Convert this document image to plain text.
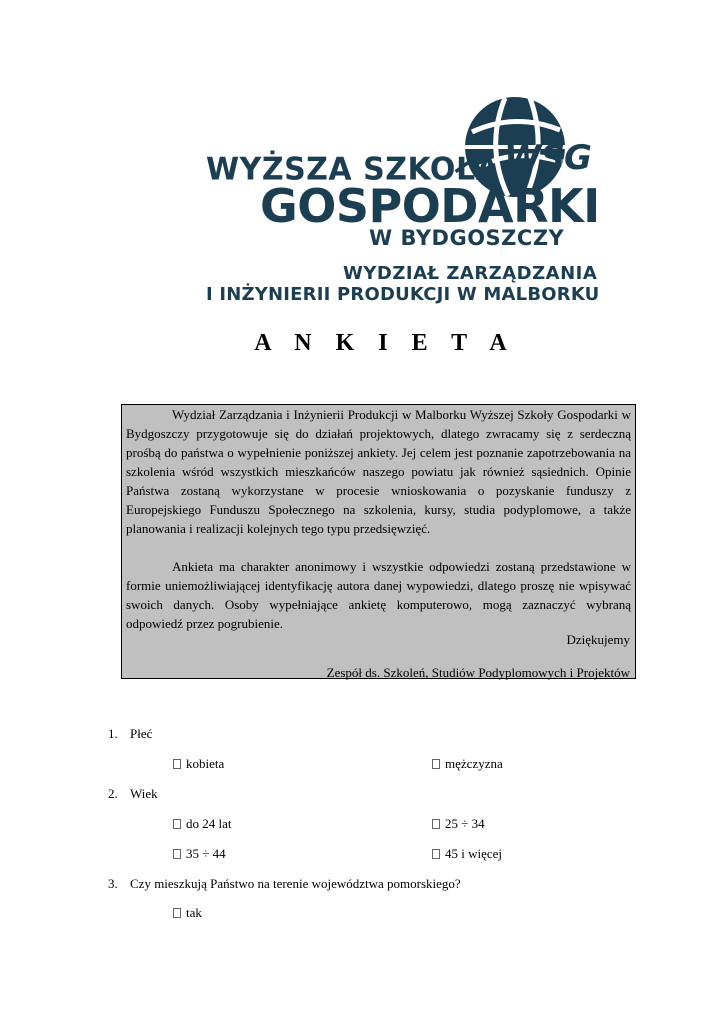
WSG
WYŻSZA SZKOŁA
GOSPODARKI
W BYDGOSZCZY
WYDZIAŁ ZARZĄDZANIA
I INŻYNIERII PRODUKCJI W MALBORKU
A N K I E T A

Wydział Zarządzania i Inżynierii Produkcji w Malborku Wyższej Szkoły Gospodarki w Bydgoszczy przygotowuje się do działań projektowych, dlatego zwracamy się z serdeczną prośbą do państwa o wypełnienie poniższej ankiety. Jej celem jest poznanie zapotrzebowania na szkolenia wśród wszystkich mieszkańców naszego powiatu jak również sąsiednich. Opinie Państwa zostaną wykorzystane w procesie wnioskowania o pozyskanie funduszy z Europejskiego Funduszu Społecznego na szkolenia, kursy, studia podyplomowe, a także planowania i realizacji kolejnych tego typu przedsięwzięć.

Ankieta ma charakter anonimowy i wszystkie odpowiedzi zostaną przedstawione w formie uniemożliwiającej identyfikację autora danej wypowiedzi, dlatego proszę nie wpisywać swoich danych. Osoby wypełniające ankietę komputerowo, mogą zaznaczyć wybraną odpowiedź przez pogrubienie.

Dziękujemy
Zespół ds. Szkoleń, Studiów Podyplomowych i Projektów
1. Płeć
kobieta	mężczyzna
2. Wiek
do 24 lat	25 ÷ 34
35 ÷ 44	45 i więcej
3. Czy mieszkują Państwo na terenie województwa pomorskiego?
tak
